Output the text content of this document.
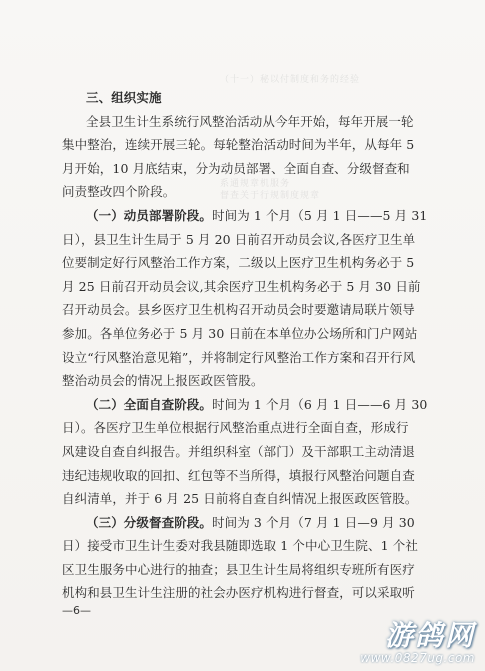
（十一）秘以付制度和务的经验
系通规章机服务
督查关于行规制度规章
三、组织实施
全县卫生计生系统行风整治活动从今年开始，每年开展一轮
集中整治，连续开展三轮。每轮整治活动时间为半年，从每年 5
月开始，10 月底结束，分为动员部署、全面自查、分级督查和
问责整改四个阶段。
（一）动员部署阶段。时间为 1 个月（5 月 1 日——5 月 31
日），县卫生计生局于 5 月 20 日前召开动员会议,各医疗卫生单
位要制定好行风整治工作方案，二级以上医疗卫生机构务必于 5
月 25 日前召开动员会议,其余医疗卫生机构务必于 5 月 30 日前
召开动员会。县乡医疗卫生机构召开动员会时要邀请局联片领导
参加。各单位务必于 5 月 30 日前在本单位办公场所和门户网站
设立“行风整治意见箱”，并将制定行风整治工作方案和召开行风
整治动员会的情况上报医政医管股。
（二）全面自查阶段。时间为 1 个月（6 月 1 日——6 月 30
日）。各医疗卫生单位根据行风整治重点进行全面自查，形成行
风建设自查自纠报告。并组织科室（部门）及干部职工主动清退
违纪违规收取的回扣、红包等不当所得，填报行风整治问题自查
自纠清单，并于 6 月 25 日前将自查自纠情况上报医政医管股。
（三）分级督查阶段。时间为 3 个月（7 月 1 日—9 月 30
日）接受市卫生计生委对我县随即选取 1 个中心卫生院、1 个社
区卫生服务中心进行的抽查；县卫生计生局将组织专班所有医疗
机构和县卫生计生注册的社会办医疗机构进行督查，可以采取听
—6—
游鸽网
www.0827ug.com
